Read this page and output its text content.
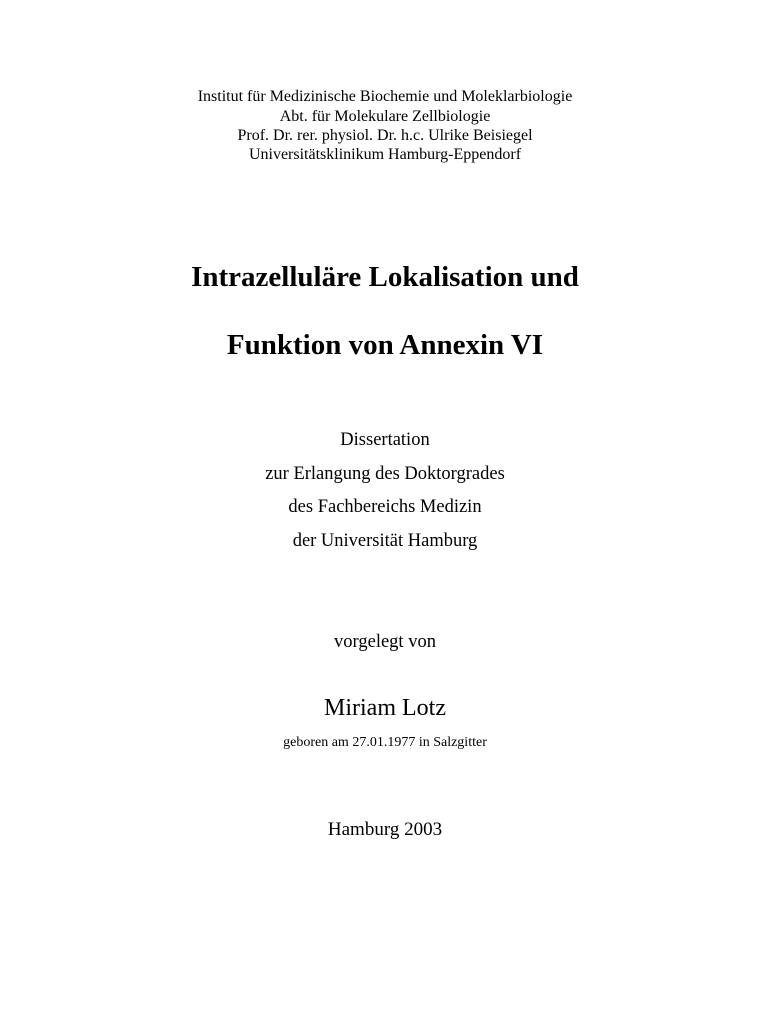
Institut für Medizinische Biochemie und Moleklarbiologie
Abt. für Molekulare Zellbiologie
Prof. Dr. rer. physiol. Dr. h.c. Ulrike Beisiegel
Universitätsklinikum Hamburg-Eppendorf
Intrazelluläre Lokalisation und
Funktion von Annexin VI
Dissertation
zur Erlangung des Doktorgrades
des Fachbereichs Medizin
der Universität Hamburg
vorgelegt von
Miriam Lotz
geboren am 27.01.1977 in Salzgitter
Hamburg 2003
